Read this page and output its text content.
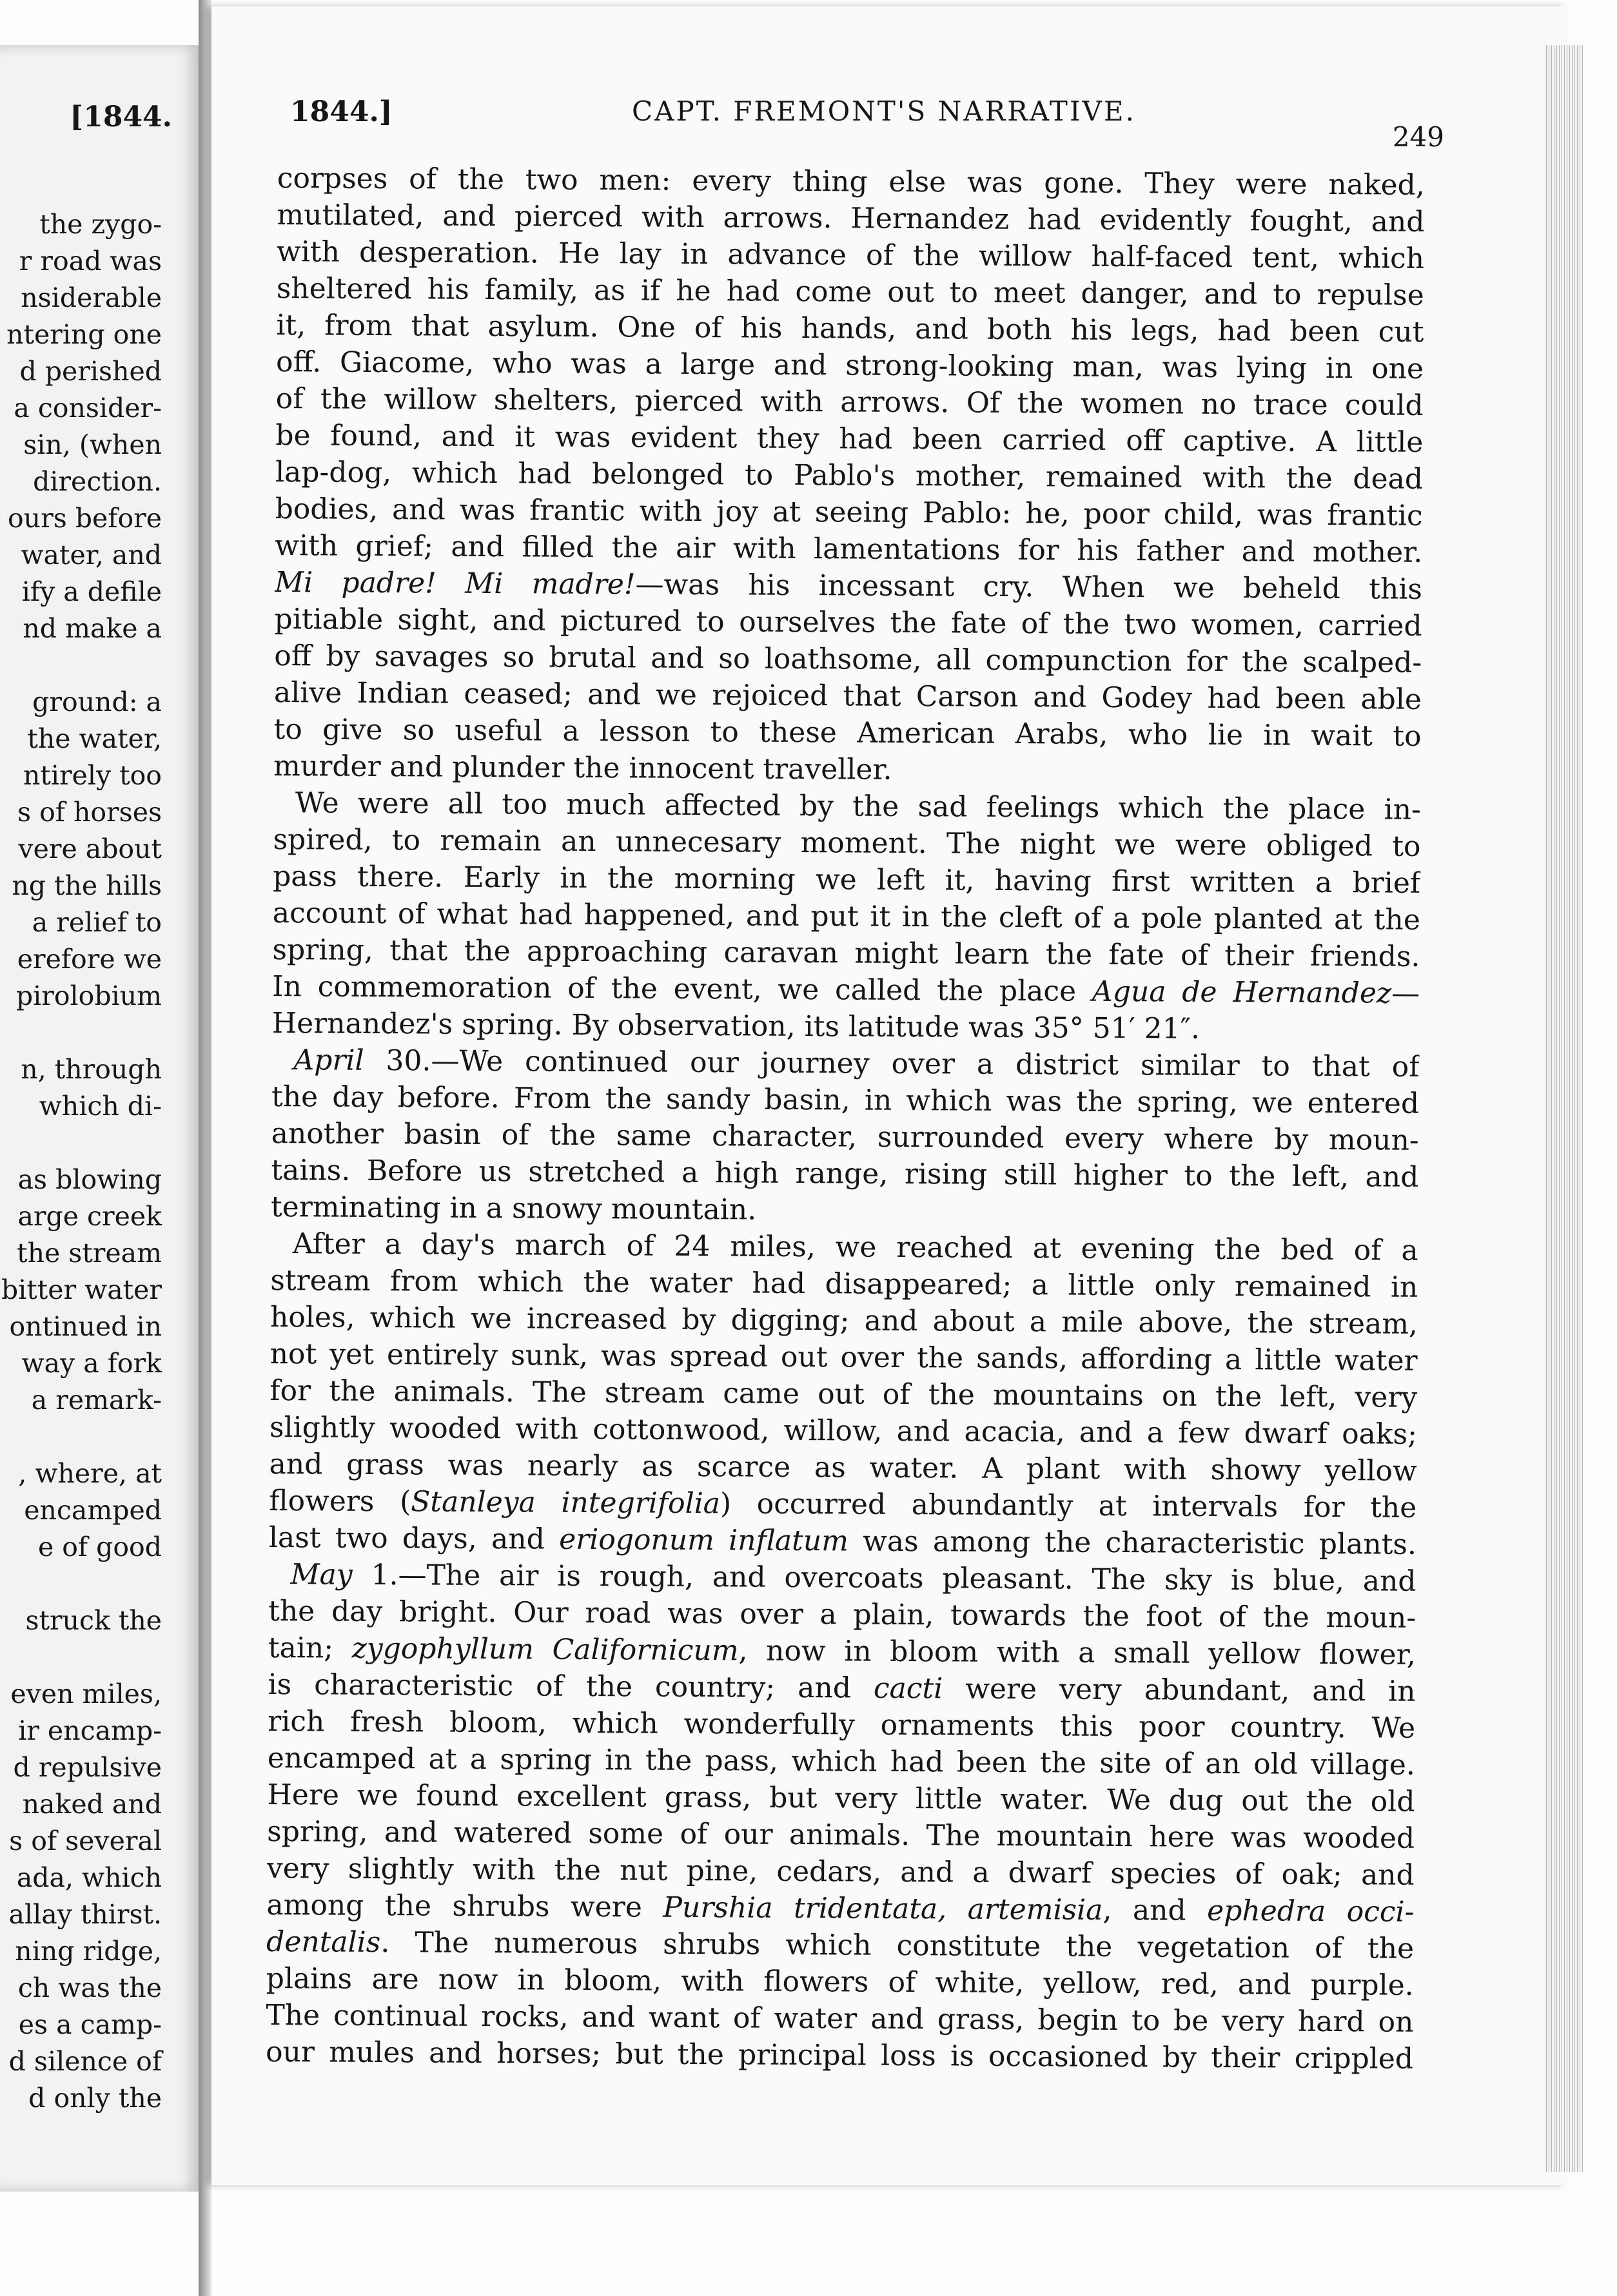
[1844.
the zygo-
r road was
nsiderable
ntering one
d perished
a consider-
sin, (when
direction.
ours before
water, and
ify a defile
nd make a
ground: a
the water,
ntirely too
s of horses
vere about
ng the hills
a relief to
erefore we
pirolobium
n, through
which di-
as blowing
arge creek
the stream
bitter water
ontinued in
way a fork
a remark-
, where, at
encamped
e of good
struck the
even miles,
ir encamp-
d repulsive
naked and
s of several
ada, which
allay thirst.
ning ridge,
ch was the
es a camp-
d silence of
d only the
1844.]	CAPT. FREMONT'S NARRATIVE.
249
corpses of the two men: every thing else was gone. They were naked,
mutilated, and pierced with arrows. Hernandez had evidently fought, and
with desperation. He lay in advance of the willow half-faced tent, which
sheltered his family, as if he had come out to meet danger, and to repulse
it, from that asylum. One of his hands, and both his legs, had been cut
off. Giacome, who was a large and strong-looking man, was lying in one
of the willow shelters, pierced with arrows. Of the women no trace could
be found, and it was evident they had been carried off captive. A little
lap-dog, which had belonged to Pablo's mother, remained with the dead
bodies, and was frantic with joy at seeing Pablo: he, poor child, was frantic
with grief; and filled the air with lamentations for his father and mother.
Mi padre! Mi madre!—was his incessant cry. When we beheld this
pitiable sight, and pictured to ourselves the fate of the two women, carried
off by savages so brutal and so loathsome, all compunction for the scalped-
alive Indian ceased; and we rejoiced that Carson and Godey had been able
to give so useful a lesson to these American Arabs, who lie in wait to
murder and plunder the innocent traveller.
We were all too much affected by the sad feelings which the place in-
spired, to remain an unnecesary moment. The night we were obliged to
pass there. Early in the morning we left it, having first written a brief
account of what had happened, and put it in the cleft of a pole planted at the
spring, that the approaching caravan might learn the fate of their friends.
In commemoration of the event, we called the place Agua de Hernandez—
Hernandez's spring. By observation, its latitude was 35° 51′ 21″.
April 30.—We continued our journey over a district similar to that of
the day before. From the sandy basin, in which was the spring, we entered
another basin of the same character, surrounded every where by moun-
tains. Before us stretched a high range, rising still higher to the left, and
terminating in a snowy mountain.
After a day's march of 24 miles, we reached at evening the bed of a
stream from which the water had disappeared; a little only remained in
holes, which we increased by digging; and about a mile above, the stream,
not yet entirely sunk, was spread out over the sands, affording a little water
for the animals. The stream came out of the mountains on the left, very
slightly wooded with cottonwood, willow, and acacia, and a few dwarf oaks;
and grass was nearly as scarce as water. A plant with showy yellow
flowers (Stanleya integrifolia) occurred abundantly at intervals for the
last two days, and eriogonum inflatum was among the characteristic plants.
May 1.—The air is rough, and overcoats pleasant. The sky is blue, and
the day bright. Our road was over a plain, towards the foot of the moun-
tain; zygophyllum Californicum, now in bloom with a small yellow flower,
is characteristic of the country; and cacti were very abundant, and in
rich fresh bloom, which wonderfully ornaments this poor country. We
encamped at a spring in the pass, which had been the site of an old village.
Here we found excellent grass, but very little water. We dug out the old
spring, and watered some of our animals. The mountain here was wooded
very slightly with the nut pine, cedars, and a dwarf species of oak; and
among the shrubs were Purshia tridentata, artemisia, and ephedra occi-
dentalis. The numerous shrubs which constitute the vegetation of the
plains are now in bloom, with flowers of white, yellow, red, and purple.
The continual rocks, and want of water and grass, begin to be very hard on
our mules and horses; but the principal loss is occasioned by their crippled
